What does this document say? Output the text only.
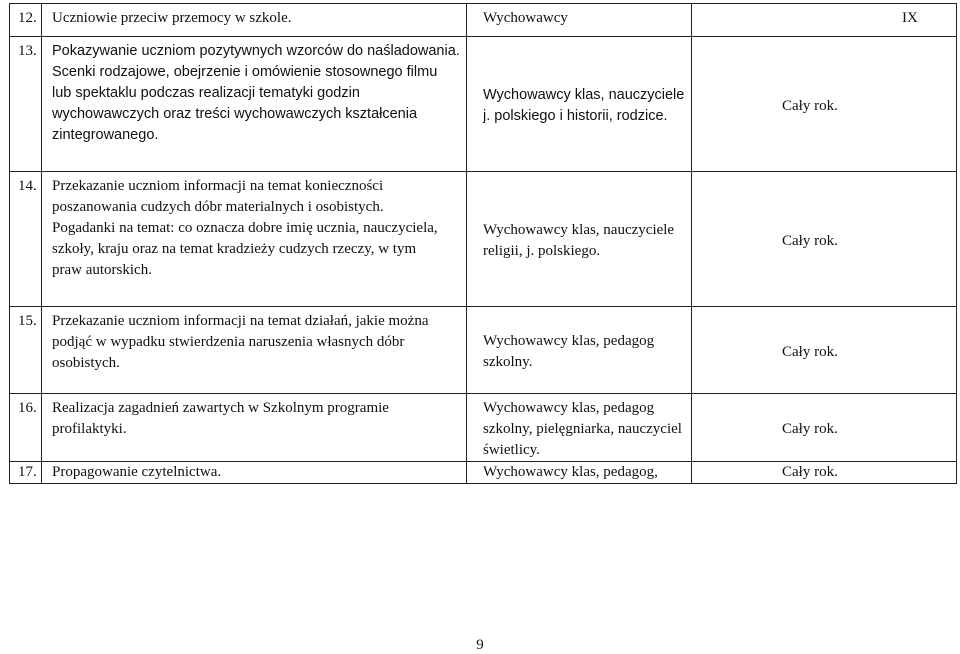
12.	Uczniowie przeciw przemocy w szkole.	Wychowawcy	IX
13.	Pokazywanie uczniom pozytywnych wzorców do naśladowania.
Scenki rodzajowe, obejrzenie i omówienie stosownego filmu
lub spektaklu podczas realizacji tematyki godzin
wychowawczych oraz treści wychowawczych kształcenia
zintegrowanego.	Wychowawcy klas, nauczyciele
j. polskiego i historii, rodzice.	Cały rok.
14.	Przekazanie uczniom informacji na temat konieczności
poszanowania cudzych dóbr materialnych i osobistych.
Pogadanki na temat: co oznacza dobre imię ucznia, nauczyciela,
szkoły, kraju oraz na temat kradzieży cudzych rzeczy, w tym
praw autorskich.	Wychowawcy klas, nauczyciele
religii, j. polskiego.	Cały rok.
15.	Przekazanie uczniom informacji na temat działań, jakie można
podjąć w wypadku stwierdzenia naruszenia własnych dóbr
osobistych.	Wychowawcy klas, pedagog
szkolny.	Cały rok.
16.	Realizacja zagadnień zawartych w Szkolnym programie
profilaktyki.	Wychowawcy klas, pedagog
szkolny, pielęgniarka, nauczyciel
świetlicy.	Cały rok.
17.	Propagowanie czytelnictwa.	Wychowawcy klas, pedagog,	Cały rok.
9
